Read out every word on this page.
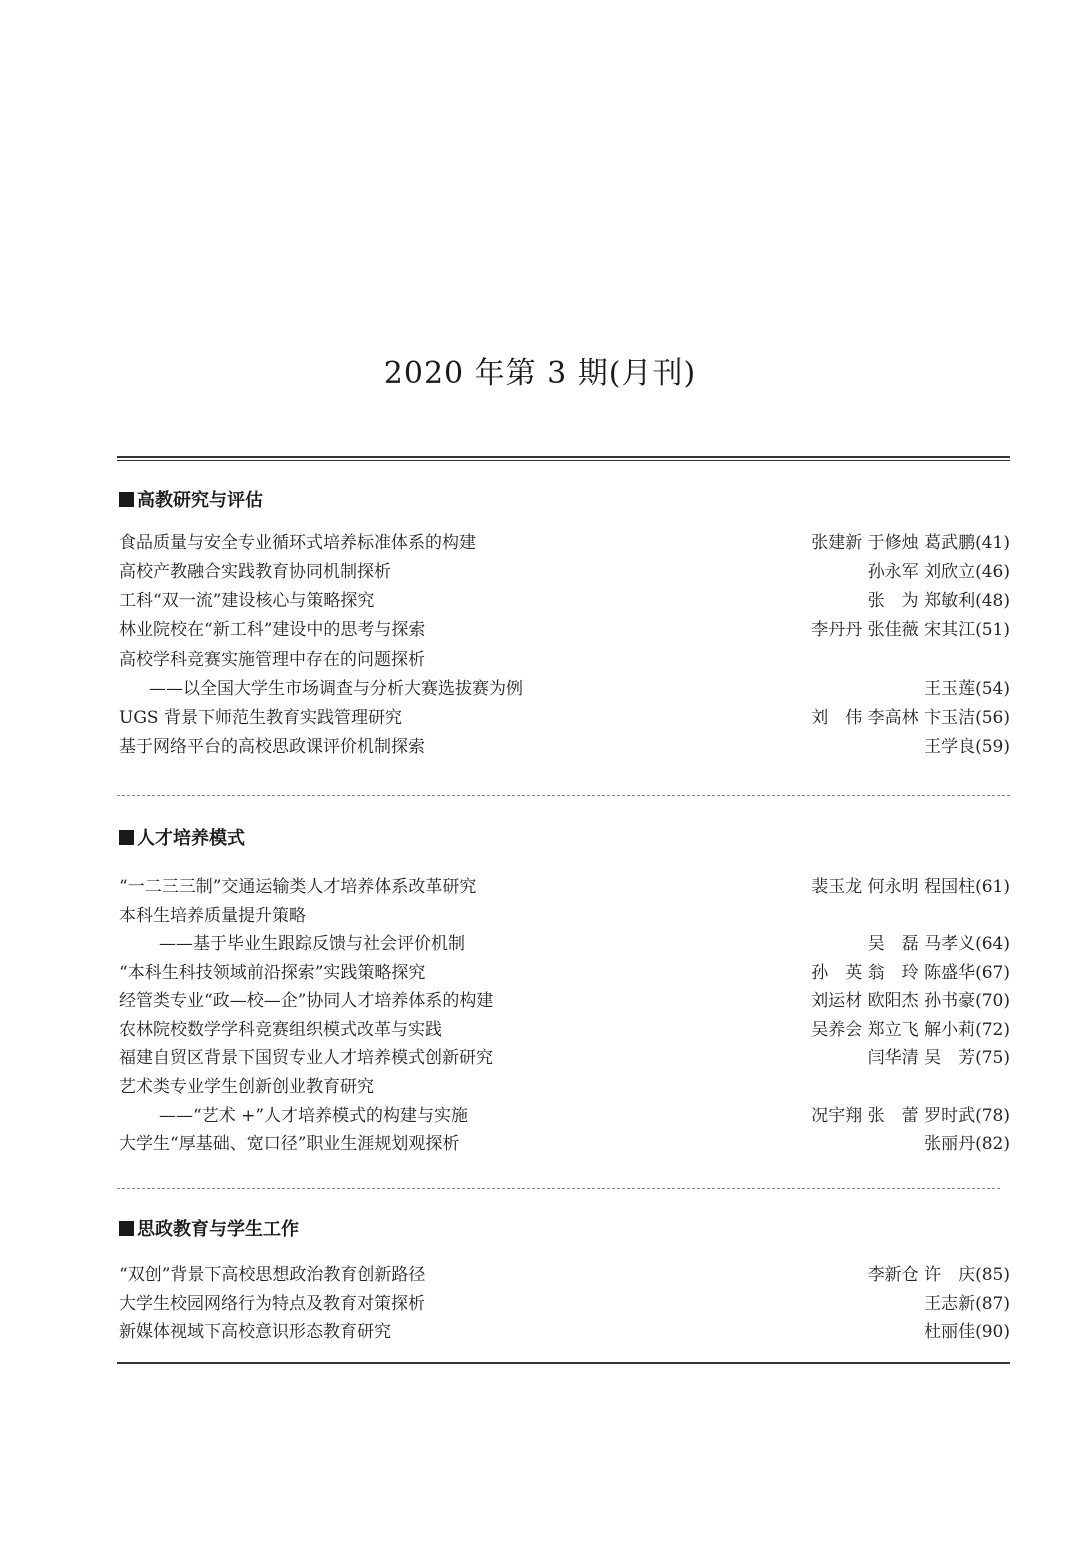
2020 年第 3 期(月刊)
高教研究与评估
食品质量与安全专业循环式培养标准体系的构建	张建新 于修烛 葛武鹏(41)
高校产教融合实践教育协同机制探析	孙永军 刘欣立(46)
工科“双一流”建设核心与策略探究	张　为 郑敏利(48)
林业院校在“新工科”建设中的思考与探索	李丹丹 张佳薇 宋其江(51)
高校学科竞赛实施管理中存在的问题探析
——以全国大学生市场调查与分析大赛选拔赛为例	王玉莲(54)
UGS 背景下师范生教育实践管理研究	刘　伟 李高林 卞玉洁(56)
基于网络平台的高校思政课评价机制探索	王学良(59)
人才培养模式
“一二三三制”交通运输类人才培养体系改革研究	裴玉龙 何永明 程国柱(61)
本科生培养质量提升策略
——基于毕业生跟踪反馈与社会评价机制	吴　磊 马孝义(64)
“本科生科技领域前沿探索”实践策略探究	孙　英 翁　玲 陈盛华(67)
经管类专业“政—校—企”协同人才培养体系的构建	刘运材 欧阳杰 孙书豪(70)
农林院校数学学科竞赛组织模式改革与实践	吴养会 郑立飞 解小莉(72)
福建自贸区背景下国贸专业人才培养模式创新研究	闫华清 吴　芳(75)
艺术类专业学生创新创业教育研究
——“艺术 +”人才培养模式的构建与实施	况宇翔 张　蕾 罗时武(78)
大学生“厚基础、宽口径”职业生涯规划观探析	张丽丹(82)
思政教育与学生工作
“双创”背景下高校思想政治教育创新路径	李新仓 许　庆(85)
大学生校园网络行为特点及教育对策探析	王志新(87)
新媒体视域下高校意识形态教育研究	杜丽佳(90)
